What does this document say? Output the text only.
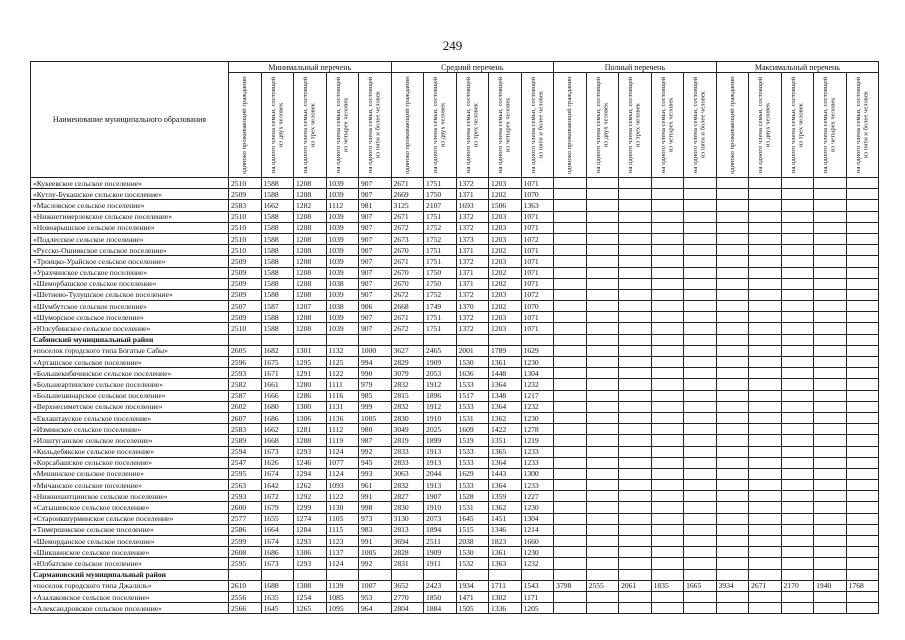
249
Наименование муниципального образования	Минимальный перечень					Средний перечень					Полный перечень					Максимальный перечень				

	одиноко проживающий гражданин	на одного члена семьи, состоящей из двух человек	на одного члена семьи, состоящей из трех человек	на одного члена семьи, состоящей из четырех человек	на одного члена семьи, состоящей из пяти и более человек	одиноко проживающий гражданин	на одного члена семьи, состоящей из двух человек	на одного члена семьи, состоящей из трех человек	на одного члена семьи, состоящей из четырех человек	на одного члена семьи, состоящей из пяти и более человек	одиноко проживающий гражданин	на одного члена семьи, состоящей из двух человек	на одного члена семьи, состоящей из трех человек	на одного члена семьи, состоящей из четырех человек	на одного члена семьи, состоящей из пяти и более человек	одиноко проживающий гражданин	на одного члена семьи, состоящей из двух человек	на одного члена семьи, состоящей из трех человек	на одного члена семьи, состоящей из четырех человек	на одного члена семьи, состоящей из пяти и более человек

«Кукеевское сельское поселение»	2510	1588	1208	1039	907	2671	1751	1372	1203	1071										
«Кутлу-Букашское сельское поселение»	2509	1588	1208	1039	907	2669	1750	1371	1202	1070										
«Масловское сельское поселение»	2583	1662	1282	1112	981	3125	2107	1693	1506	1363										
«Нижнетимерлекское сельское поселение»	2510	1588	1208	1039	907	2671	1751	1372	1203	1071										
«Новоарышское сельское поселение»	2510	1588	1208	1039	907	2672	1752	1372	1203	1071										
«Подлесское сельское поселение»	2510	1588	1208	1039	907	2673	1752	1373	1203	1072										
«Русско-Ошнякское сельское поселение»	2510	1588	1208	1039	907	2670	1751	1371	1202	1071										
«Троицко-Урайское сельское поселение»	2509	1588	1208	1039	907	2671	1751	1372	1203	1071										
«Урахчинское сельское поселение»	2509	1588	1208	1039	907	2670	1750	1371	1202	1071										
«Шеморбашское сельское поселение»	2509	1588	1208	1038	907	2670	1750	1371	1202	1071										
«Шетнево-Тулушское сельское поселение»	2509	1588	1208	1039	907	2672	1752	1372	1203	1072										
«Шумбутское сельское поселение»	2507	1587	1207	1038	906	2668	1749	1370	1202	1070										
«Шуморское сельское поселение»	2509	1588	1208	1039	907	2671	1751	1372	1203	1071										
«Юлсубинское сельское поселение»	2510	1588	1208	1039	907	2672	1751	1372	1203	1071										
Сабинский муниципальный район																				
«поселок городского типа Богатые Сабы»	2605	1682	1301	1132	1000	3627	2465	2001	1789	1629										
«Арташское сельское поселение»	2596	1675	1295	1125	994	2829	1909	1530	1361	1230										
«Большекибячинское сельское поселение»	2593	1671	1291	1122	990	3079	2053	1636	1448	1304										
«Большеартинское сельское поселение»	2582	1661	1280	1111	979	2832	1912	1533	1364	1232										
«Большешинарское сельское поселение»	2587	1666	1286	1116	985	2815	1896	1517	1348	1217										
«Верхнесиметское сельское поселение»	2602	1680	1300	1131	999	2832	1912	1533	1364	1232										
«Евлаштауское сельское поселение»	2607	1686	1306	1136	1005	2830	1910	1531	1362	1230										
«Изминское сельское поселение»	2583	1662	1281	1112	980	3049	2025	1609	1422	1278										
«Илштуганское сельское поселение»	2589	1668	1288	1119	987	2819	1899	1519	1351	1219										
«Кильдебякское сельское поселение»	2594	1673	1293	1124	992	2833	1913	1533	1365	1233										
«Корсабашское сельское поселение»	2547	1626	1246	1077	945	2833	1913	1533	1364	1233										
«Мешинское сельское поселение»	2595	1674	1294	1124	993	3063	2044	1629	1443	1300										
«Мичанское сельское поселение»	2563	1642	1262	1093	961	2832	1913	1533	1364	1233										
«Нижнешитцинское сельское поселение»	2593	1672	1292	1122	991	2827	1907	1528	1359	1227										
«Сатышевское сельское поселение»	2600	1679	1299	1130	998	2830	1910	1531	1362	1230										
«Староикшурминское сельское поселение»	2577	1655	1274	1105	973	3130	2073	1645	1451	1304										
«Тимершикское сельское поселение»	2586	1664	1284	1115	983	2813	1894	1515	1346	1214										
«Шеморданское сельское поселение»	2599	1674	1293	1123	991	3694	2511	2038	1823	1660										
«Шикшинское сельское поселение»	2608	1686	1306	1137	1005	2828	1909	1530	1361	1230										
«Юлбатское сельское поселение»	2595	1673	1293	1124	992	2831	1911	1532	1363	1232										
Сармановский муниципальный район																				
«поселок городского типа Джалиль»	2610	1688	1308	1139	1007	3652	2423	1934	1711	1543	3798	2555	2061	1835	1665	3934	2671	2170	1940	1768
«Азалаковское сельское поселение»	2556	1635	1254	1085	953	2770	1850	1471	1302	1171										
«Александровское сельское поселение»	2566	1645	1265	1095	964	2804	1884	1505	1336	1205										
